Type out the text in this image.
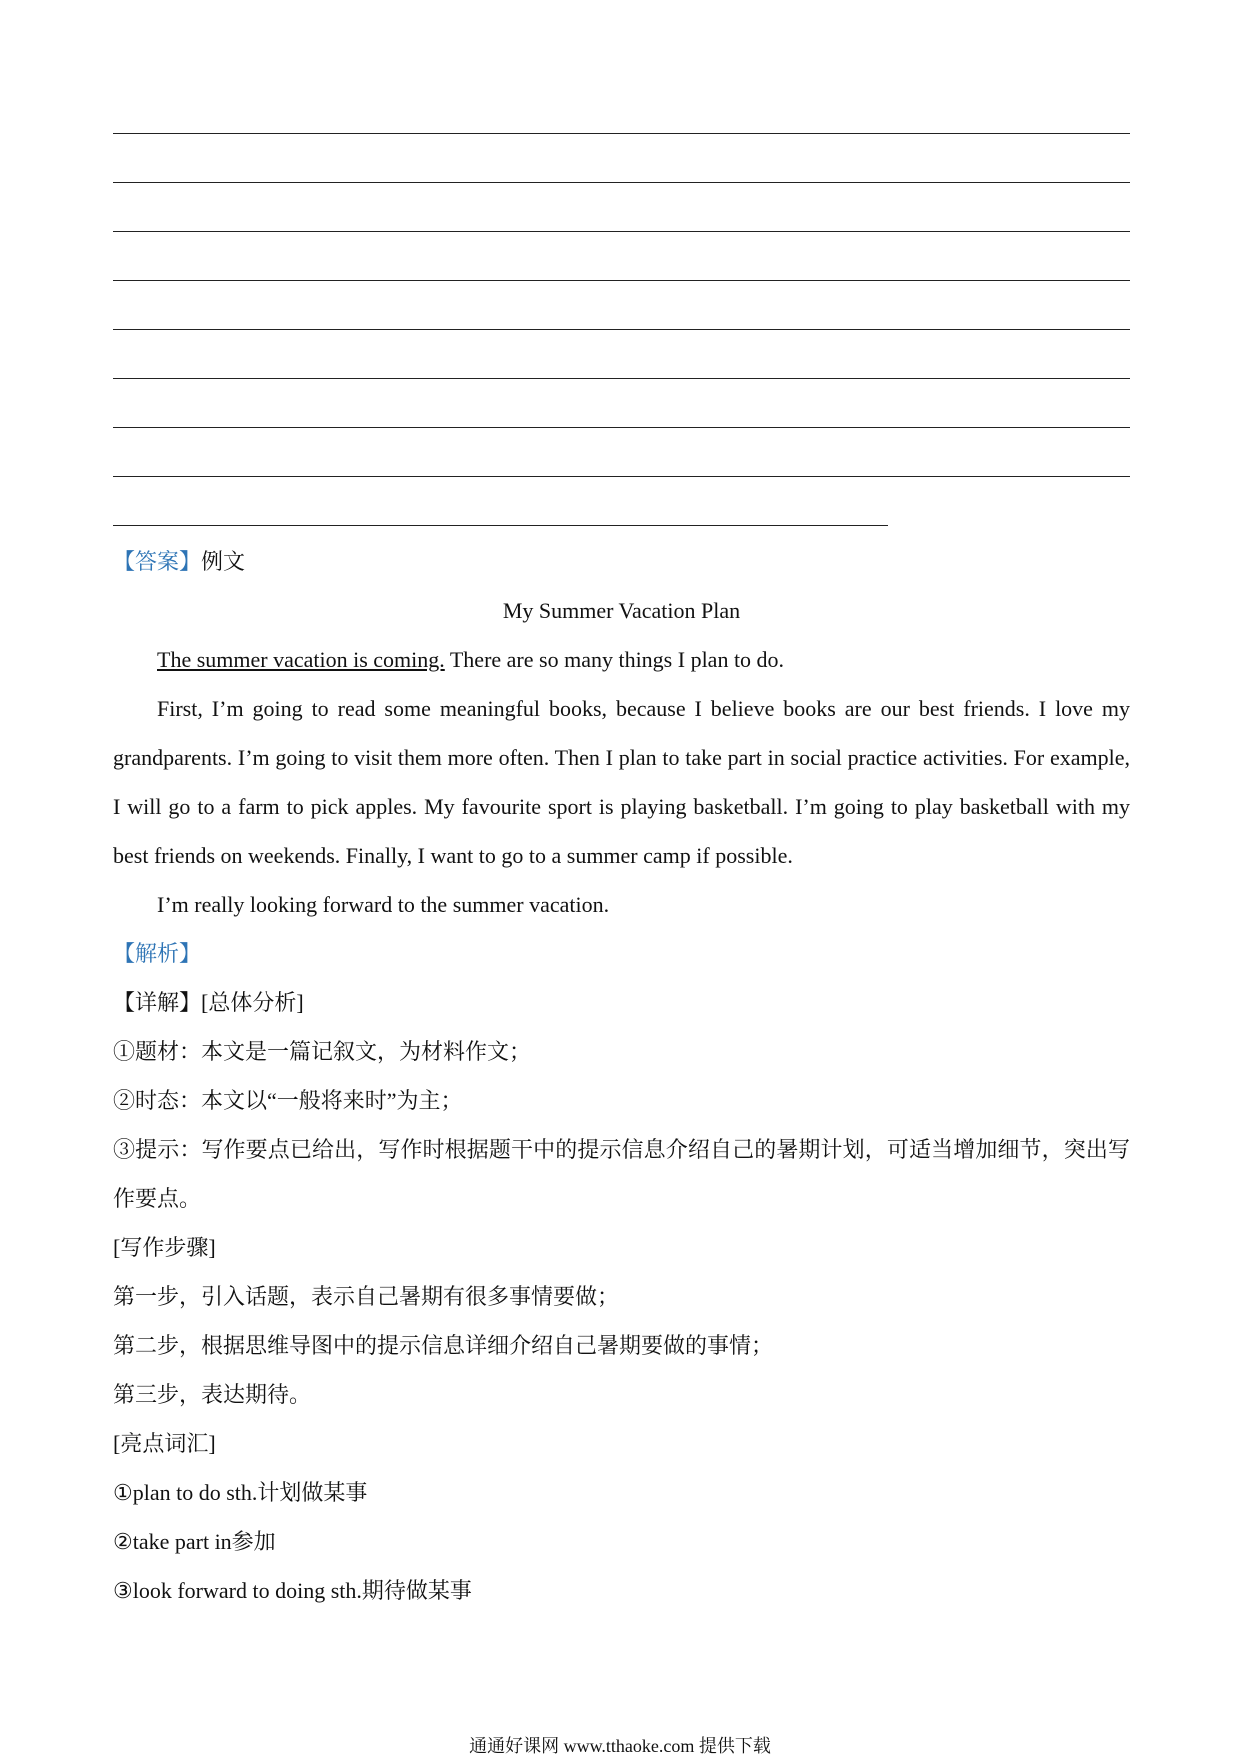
【答案】例文
My Summer Vacation Plan
The summer vacation is coming. There are so many things I plan to do.
First, I’m going to read some meaningful books, because I believe books are our best friends. I love my
grandparents. I’m going to visit them more often. Then I plan to take part in social practice activities. For example,
I will go to a farm to pick apples. My favourite sport is playing basketball. I’m going to play basketball with my
best friends on weekends. Finally, I want to go to a summer camp if possible.
I’m really looking forward to the summer vacation.
【解析】
【详解】[总体分析]
①题材：本文是一篇记叙文，为材料作文；
②时态：本文以“一般将来时”为主；
③提示：写作要点已给出，写作时根据题干中的提示信息介绍自己的暑期计划，可适当增加细节，突出写
作要点。
[写作步骤]
第一步，引入话题，表示自己暑期有很多事情要做；
第二步，根据思维导图中的提示信息详细介绍自己暑期要做的事情；
第三步，表达期待。
[亮点词汇]
①plan to do sth.计划做某事
②take part in参加
③look forward to doing sth.期待做某事
通通好课网 www.tthaoke.com 提供下载
